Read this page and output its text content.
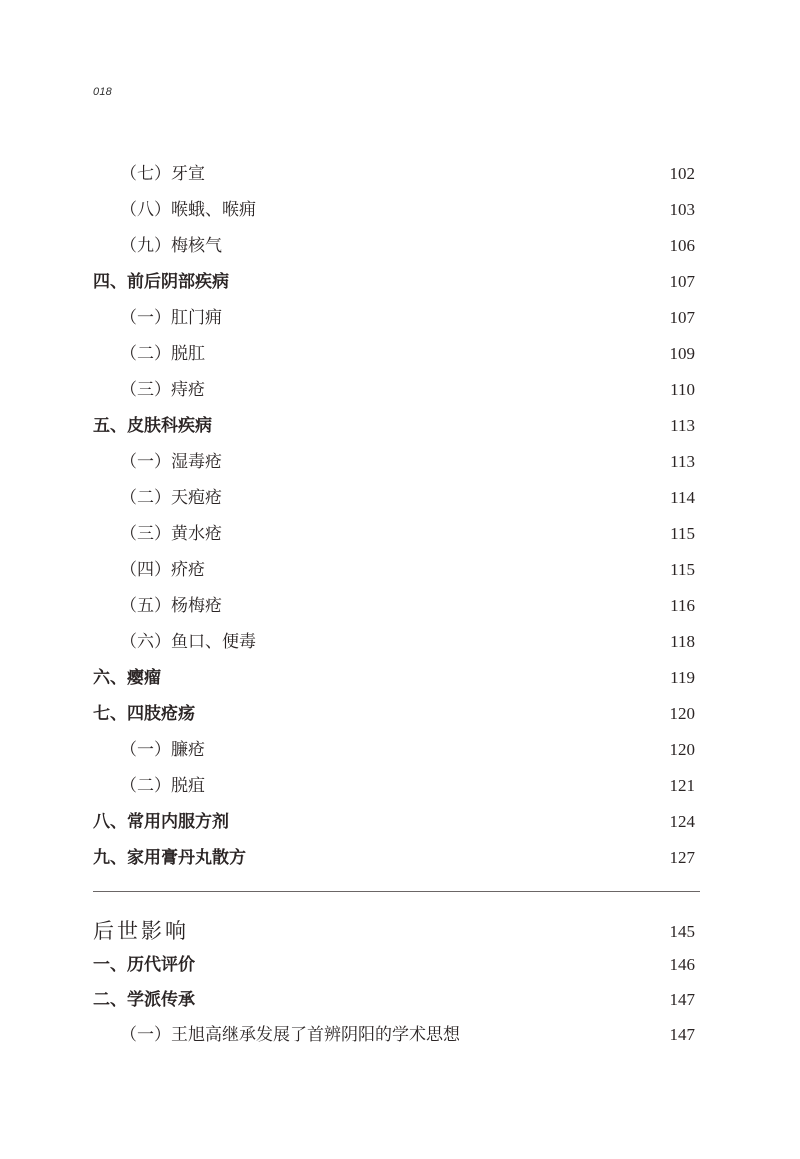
018
（七）牙宣	102
（八）喉蛾、喉痈	103
（九）梅核气	106
四、前后阴部疾病	107
（一）肛门痈	107
（二）脱肛	109
（三）痔疮	110
五、皮肤科疾病	113
（一）湿毒疮	113
（二）天疱疮	114
（三）黄水疮	115
（四）疥疮	115
（五）杨梅疮	116
（六）鱼口、便毒	118
六、瘿瘤	119
七、四肢疮疡	120
（一）臁疮	120
（二）脱疽	121
八、常用内服方剂	124
九、家用膏丹丸散方	127
后世影响	145
一、历代评价	146
二、学派传承	147
（一）王旭高继承发展了首辨阴阳的学术思想	147
